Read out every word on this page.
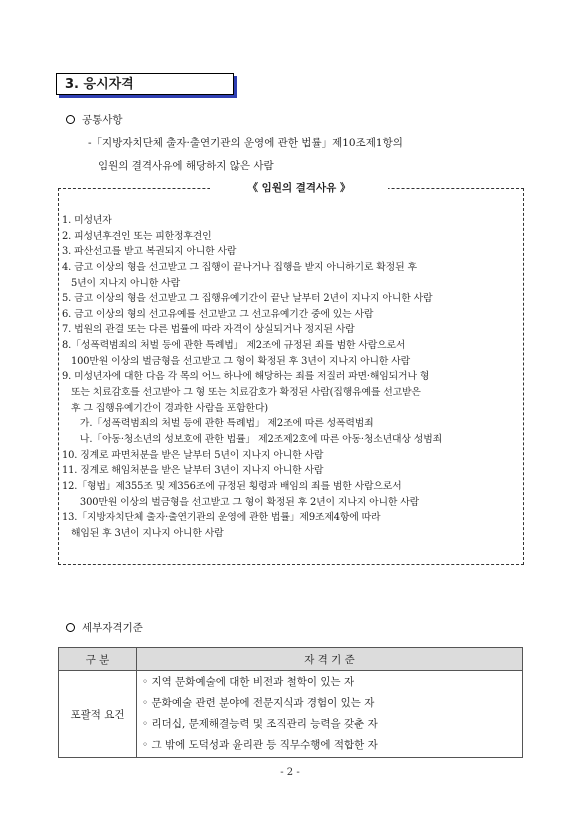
3. 응시자격
공통사항
-「지방자치단체 출자·출연기관의 운영에 관한 법률」제10조제1항의
임원의 결격사유에 해당하지 않은 사람
《 임원의 결격사유 》
1. 미성년자
2. 피성년후견인 또는 피한정후견인
3. 파산선고를 받고 복권되지 아니한 사람
4. 금고 이상의 형을 선고받고 그 집행이 끝나거나 집행을 받지 아니하기로 확정된 후
5년이 지나지 아니한 사람
5. 금고 이상의 형을 선고받고 그 집행유예기간이 끝난 날부터 2년이 지나지 아니한 사람
6. 금고 이상의 형의 선고유예를 선고받고 그 선고유예기간 중에 있는 사람
7. 법원의 관결 또는 다른 법률에 따라 자격이 상실되거나 정지된 사람
8.「성폭력범죄의 처벌 등에 관한 특례법」 제2조에 규정된 죄를 범한 사람으로서
100만원 이상의 벌금형을 선고받고 그 형이 확정된 후 3년이 지나지 아니한 사람
9. 미성년자에 대한 다음 각 목의 어느 하나에 해당하는 죄를 저질러 파면·해임되거나 형
또는 치료감호를 선고받아 그 형 또는 치료감호가 확정된 사람(집행유예를 선고받은
후 그 집행유예기간이 경과한 사람을 포함한다)
가.「성폭력범죄의 처벌 등에 관한 특례법」 제2조에 따른 성폭력범죄
나.「아동·청소년의 성보호에 관한 법률」 제2조제2호에 따른 아동·청소년대상 성범죄
10. 징계로 파면처분을 받은 날부터 5년이 지나지 아니한 사람
11. 징계로 해임처분을 받은 날부터 3년이 지나지 아니한 사람
12.「형법」제355조 및 제356조에 규정된 횡령과 배임의 죄를 범한 사람으로서
300만원 이상의 벌금형을 선고받고 그 형이 확정된 후 2년이 지나지 아니한 사람
13.「지방자치단체 출자·출연기관의 운영에 관한 법률」제9조제4항에 따라
해임된 후 3년이 지나지 아니한 사람
세부자격기준
구 분	자 격 기 준
포괄적 요건	◦ 지역 문화예술에 대한 비전과 철학이 있는 자
◦ 문화예술 관련 분야에 전문지식과 경험이 있는 자
◦ 리더십, 문제해결능력 및 조직관리 능력을 갖춘 자
◦ 그 밖에 도덕성과 윤리관 등 직무수행에 적합한 자
- 2 -
